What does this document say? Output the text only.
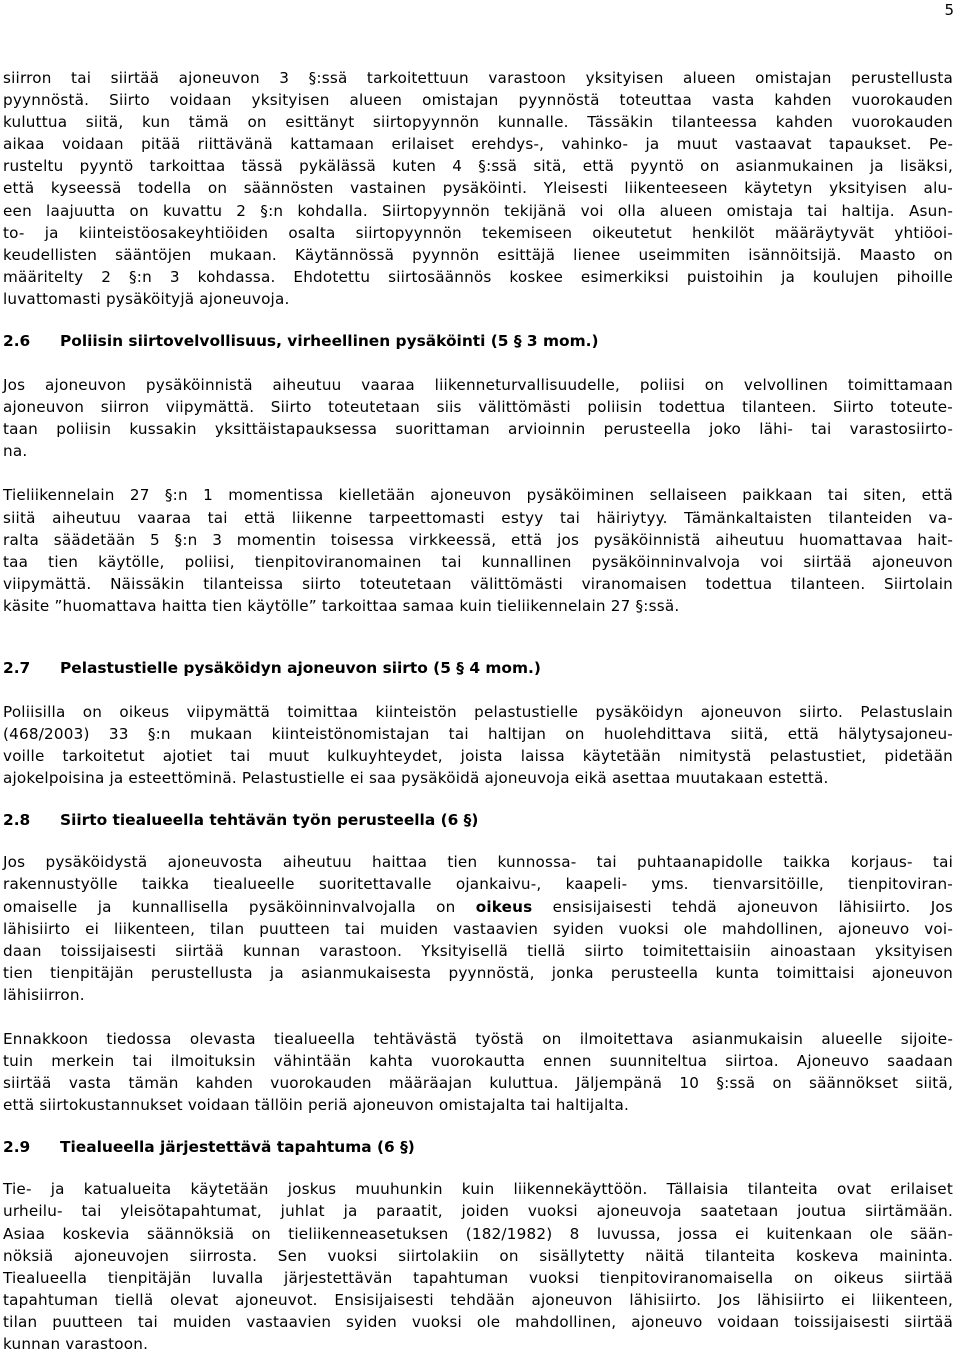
5
siirron tai siirtää ajoneuvon 3 §:ssä tarkoitettuun varastoon yksityisen alueen omistajan perustellusta
pyynnöstä. Siirto voidaan yksityisen alueen omistajan pyynnöstä toteuttaa vasta kahden vuorokauden
kuluttua siitä, kun tämä on esittänyt siirtopyynnön kunnalle. Tässäkin tilanteessa kahden vuorokauden
aikaa voidaan pitää riittävänä kattamaan erilaiset erehdys-, vahinko- ja muut vastaavat tapaukset. Pe-
rusteltu pyyntö tarkoittaa tässä pykälässä kuten 4 §:ssä sitä, että pyyntö on asianmukainen ja lisäksi,
että kyseessä todella on säännösten vastainen pysäköinti. Yleisesti liikenteeseen käytetyn yksityisen alu-
een laajuutta on kuvattu 2 §:n kohdalla. Siirtopyynnön tekijänä voi olla alueen omistaja tai haltija. Asun-
to- ja kiinteistöosakeyhtiöiden osalta siirtopyynnön tekemiseen oikeutetut henkilöt määräytyvät yhtiöoi-
keudellisten sääntöjen mukaan. Käytännössä pyynnön esittäjä lienee useimmiten isännöitsijä. Maasto on
määritelty 2 §:n 3 kohdassa. Ehdotettu siirtosäännös koskee esimerkiksi puistoihin ja koulujen pihoille
luvattomasti pysäköityjä ajoneuvoja.
2.6 Poliisin siirtovelvollisuus, virheellinen pysäköinti (5 § 3 mom.)
Jos ajoneuvon pysäköinnistä aiheutuu vaaraa liikenneturvallisuudelle, poliisi on velvollinen toimittamaan
ajoneuvon siirron viipymättä. Siirto toteutetaan siis välittömästi poliisin todettua tilanteen. Siirto toteute-
taan poliisin kussakin yksittäistapauksessa suorittaman arvioinnin perusteella joko lähi- tai varastosiirto-
na.
Tieliikennelain 27 §:n 1 momentissa kielletään ajoneuvon pysäköiminen sellaiseen paikkaan tai siten, että
siitä aiheutuu vaaraa tai että liikenne tarpeettomasti estyy tai häiriytyy. Tämänkaltaisten tilanteiden va-
ralta säädetään 5 §:n 3 momentin toisessa virkkeessä, että jos pysäköinnistä aiheutuu huomattavaa hait-
taa tien käytölle, poliisi, tienpitoviranomainen tai kunnallinen pysäköinninvalvoja voi siirtää ajoneuvon
viipymättä. Näissäkin tilanteissa siirto toteutetaan välittömästi viranomaisen todettua tilanteen. Siirtolain
käsite ”huomattava haitta tien käytölle” tarkoittaa samaa kuin tieliikennelain 27 §:ssä.
2.7 Pelastustielle pysäköidyn ajoneuvon siirto (5 § 4 mom.)
Poliisilla on oikeus viipymättä toimittaa kiinteistön pelastustielle pysäköidyn ajoneuvon siirto. Pelastuslain
(468/2003) 33 §:n mukaan kiinteistönomistajan tai haltijan on huolehdittava siitä, että hälytysajoneu-
voille tarkoitetut ajotiet tai muut kulkuyhteydet, joista laissa käytetään nimitystä pelastustiet, pidetään
ajokelpoisina ja esteettöminä. Pelastustielle ei saa pysäköidä ajoneuvoja eikä asettaa muutakaan estettä.
2.8 Siirto tiealueella tehtävän työn perusteella (6 §)
Jos pysäköidystä ajoneuvosta aiheutuu haittaa tien kunnossa- tai puhtaanapidolle taikka korjaus- tai
rakennustyölle taikka tiealueelle suoritettavalle ojankaivu-, kaapeli- yms. tienvarsitöille, tienpitoviran-
omaiselle ja kunnallisella pysäköinninvalvojalla on oikeus ensisijaisesti tehdä ajoneuvon lähisiirto. Jos
lähisiirto ei liikenteen, tilan puutteen tai muiden vastaavien syiden vuoksi ole mahdollinen, ajoneuvo voi-
daan toissijaisesti siirtää kunnan varastoon. Yksityisellä tiellä siirto toimitettaisiin ainoastaan yksityisen
tien tienpitäjän perustellusta ja asianmukaisesta pyynnöstä, jonka perusteella kunta toimittaisi ajoneuvon
lähisiirron.
Ennakkoon tiedossa olevasta tiealueella tehtävästä työstä on ilmoitettava asianmukaisin alueelle sijoite-
tuin merkein tai ilmoituksin vähintään kahta vuorokautta ennen suunniteltua siirtoa. Ajoneuvo saadaan
siirtää vasta tämän kahden vuorokauden määräajan kuluttua. Jäljempänä 10 §:ssä on säännökset siitä,
että siirtokustannukset voidaan tällöin periä ajoneuvon omistajalta tai haltijalta.
2.9 Tiealueella järjestettävä tapahtuma (6 §)
Tie- ja katualueita käytetään joskus muuhunkin kuin liikennekäyttöön. Tällaisia tilanteita ovat erilaiset
urheilu- tai yleisötapahtumat, juhlat ja paraatit, joiden vuoksi ajoneuvoja saatetaan joutua siirtämään.
Asiaa koskevia säännöksiä on tieliikenneasetuksen (182/1982) 8 luvussa, jossa ei kuitenkaan ole sään-
nöksiä ajoneuvojen siirrosta. Sen vuoksi siirtolakiin on sisällytetty näitä tilanteita koskeva maininta.
Tiealueella tienpitäjän luvalla järjestettävän tapahtuman vuoksi tienpitoviranomaisella on oikeus siirtää
tapahtuman tiellä olevat ajoneuvot. Ensisijaisesti tehdään ajoneuvon lähisiirto. Jos lähisiirto ei liikenteen,
tilan puutteen tai muiden vastaavien syiden vuoksi ole mahdollinen, ajoneuvo voidaan toissijaisesti siirtää
kunnan varastoon.
